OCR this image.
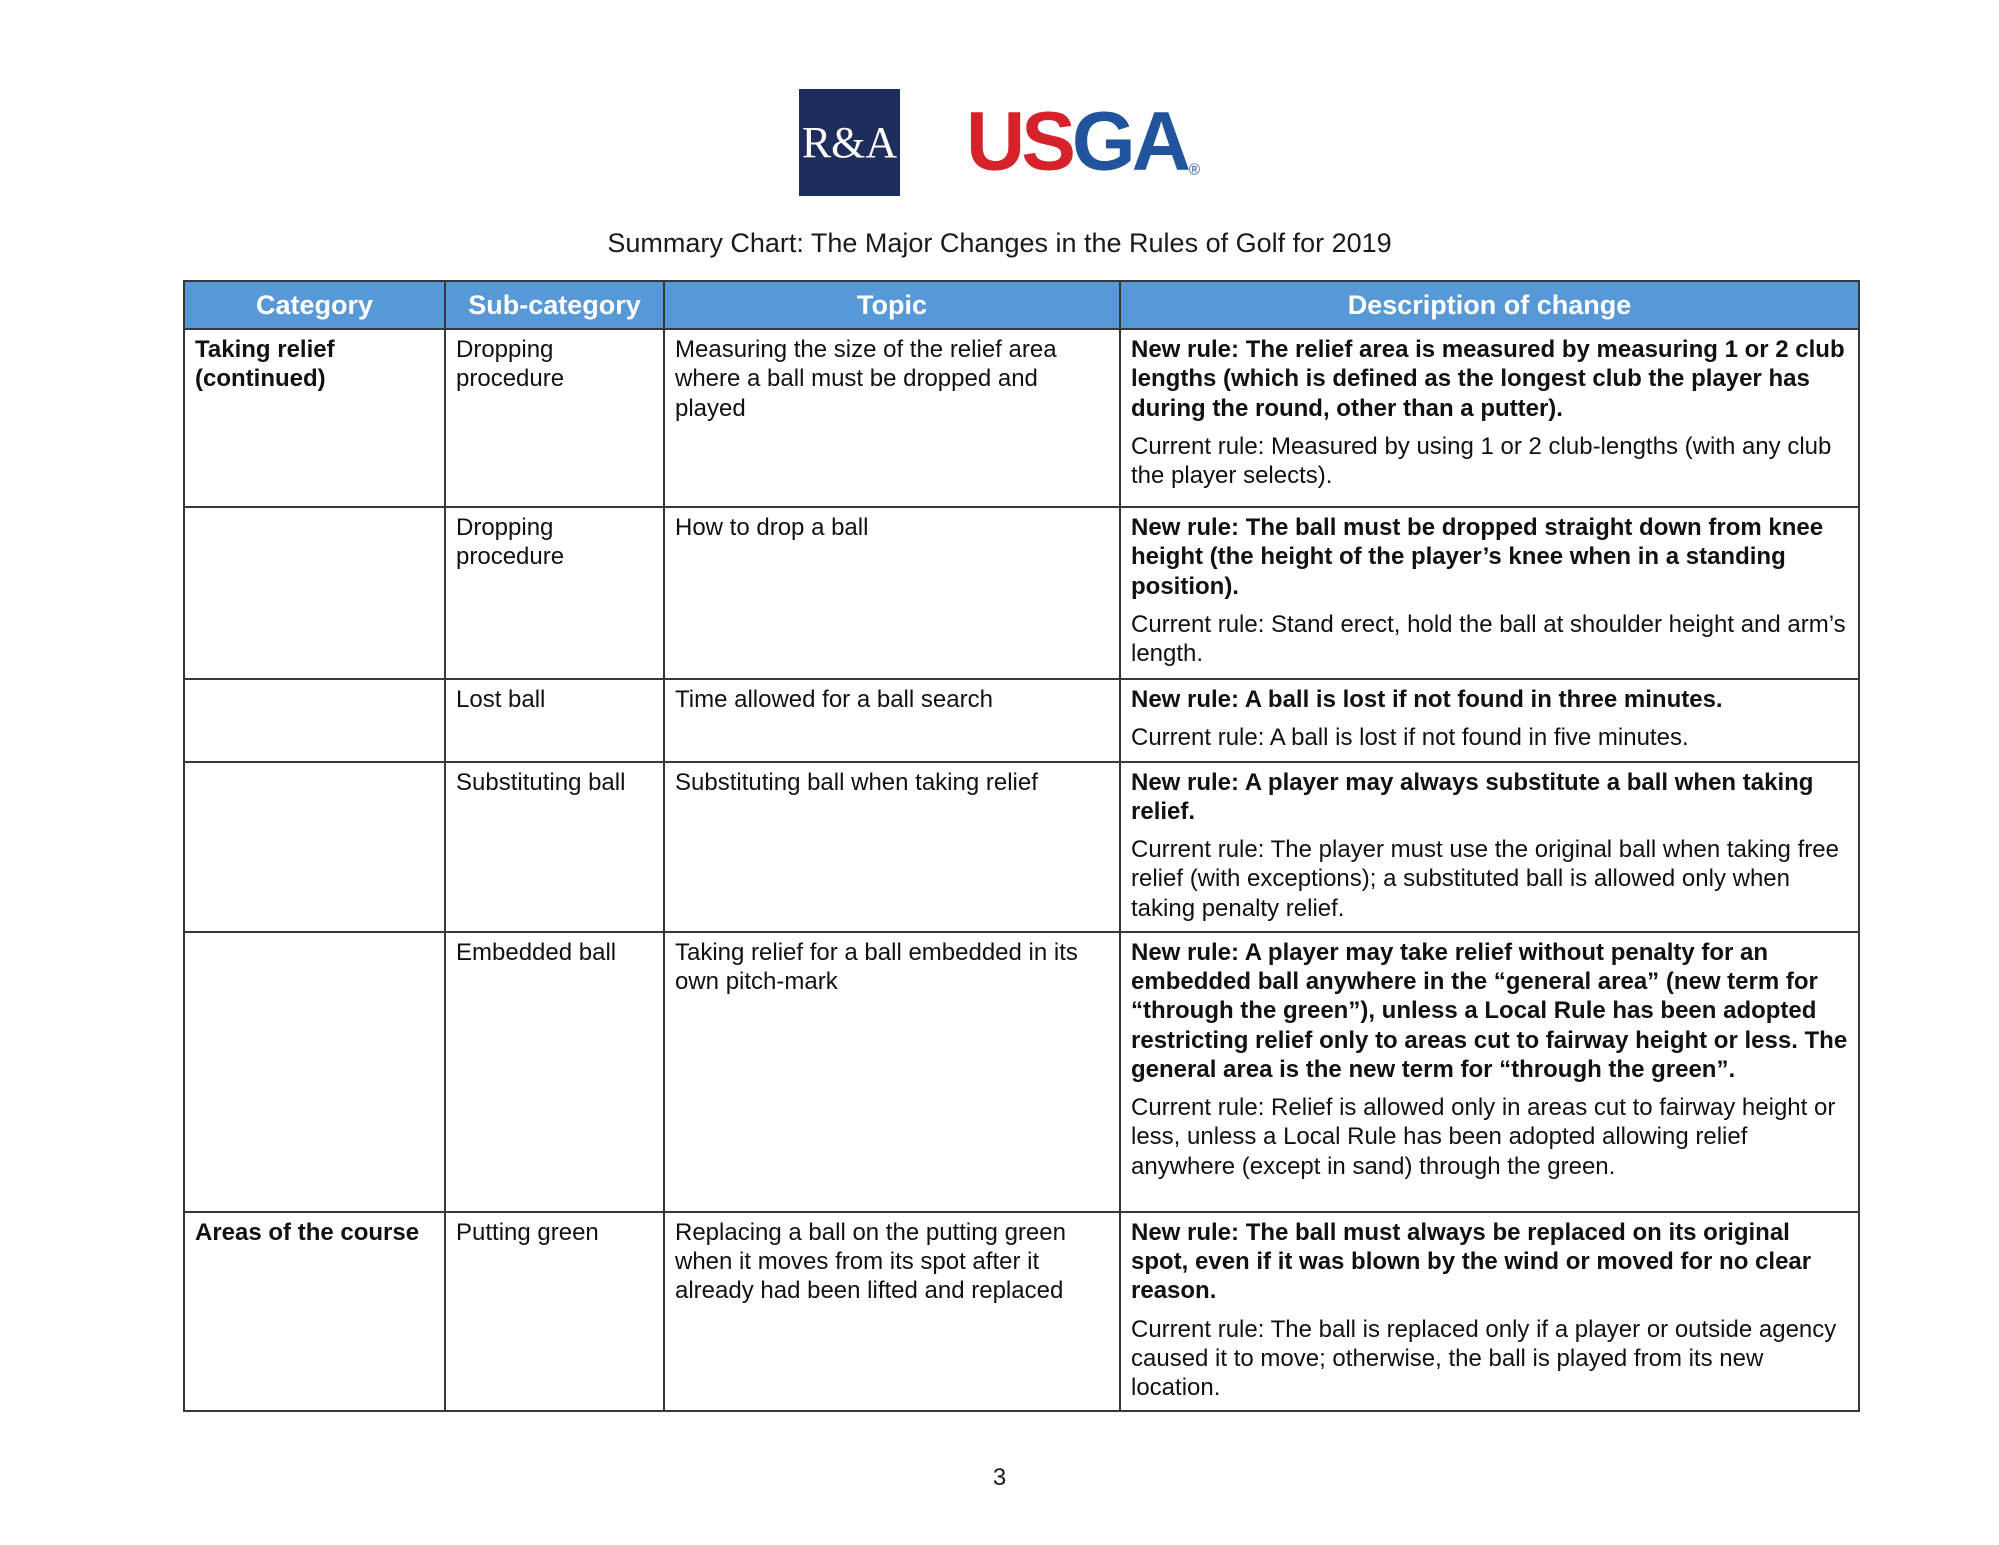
R&A US GA ®
Summary Chart: The Major Changes in the Rules of Golf for 2019
Category	Sub-category	Topic	Description of change
Taking relief (continued)	Dropping procedure	Measuring the size of the relief area where a ball must be dropped and played	New rule: The relief area is measured by measuring 1 or 2 club lengths (which is defined as the longest club the player has during the round, other than a putter).

Current rule: Measured by using 1 or 2 club-lengths (with any club the player selects).

	Dropping procedure	How to drop a ball	New rule: The ball must be dropped straight down from knee height (the height of the player’s knee when in a standing position).

Current rule: Stand erect, hold the ball at shoulder height and arm’s length.

	Lost ball	Time allowed for a ball search	New rule: A ball is lost if not found in three minutes.

Current rule: A ball is lost if not found in five minutes.

	Substituting ball	Substituting ball when taking relief	New rule: A player may always substitute a ball when taking relief.

Current rule: The player must use the original ball when taking free relief (with exceptions); a substituted ball is allowed only when taking penalty relief.

	Embedded ball	Taking relief for a ball embedded in its own pitch-mark	New rule: A player may take relief without penalty for an embedded ball anywhere in the “general area” (new term for “through the green”), unless a Local Rule has been adopted restricting relief only to areas cut to fairway height or less. The general area is the new term for “through the green”.

Current rule: Relief is allowed only in areas cut to fairway height or less, unless a Local Rule has been adopted allowing relief anywhere (except in sand) through the green.

Areas of the course	Putting green	Replacing a ball on the putting green when it moves from its spot after it already had been lifted and replaced	New rule: The ball must always be replaced on its original spot, even if it was blown by the wind or moved for no clear reason.

Current rule: The ball is replaced only if a player or outside agency caused it to move; otherwise, the ball is played from its new location.

3
